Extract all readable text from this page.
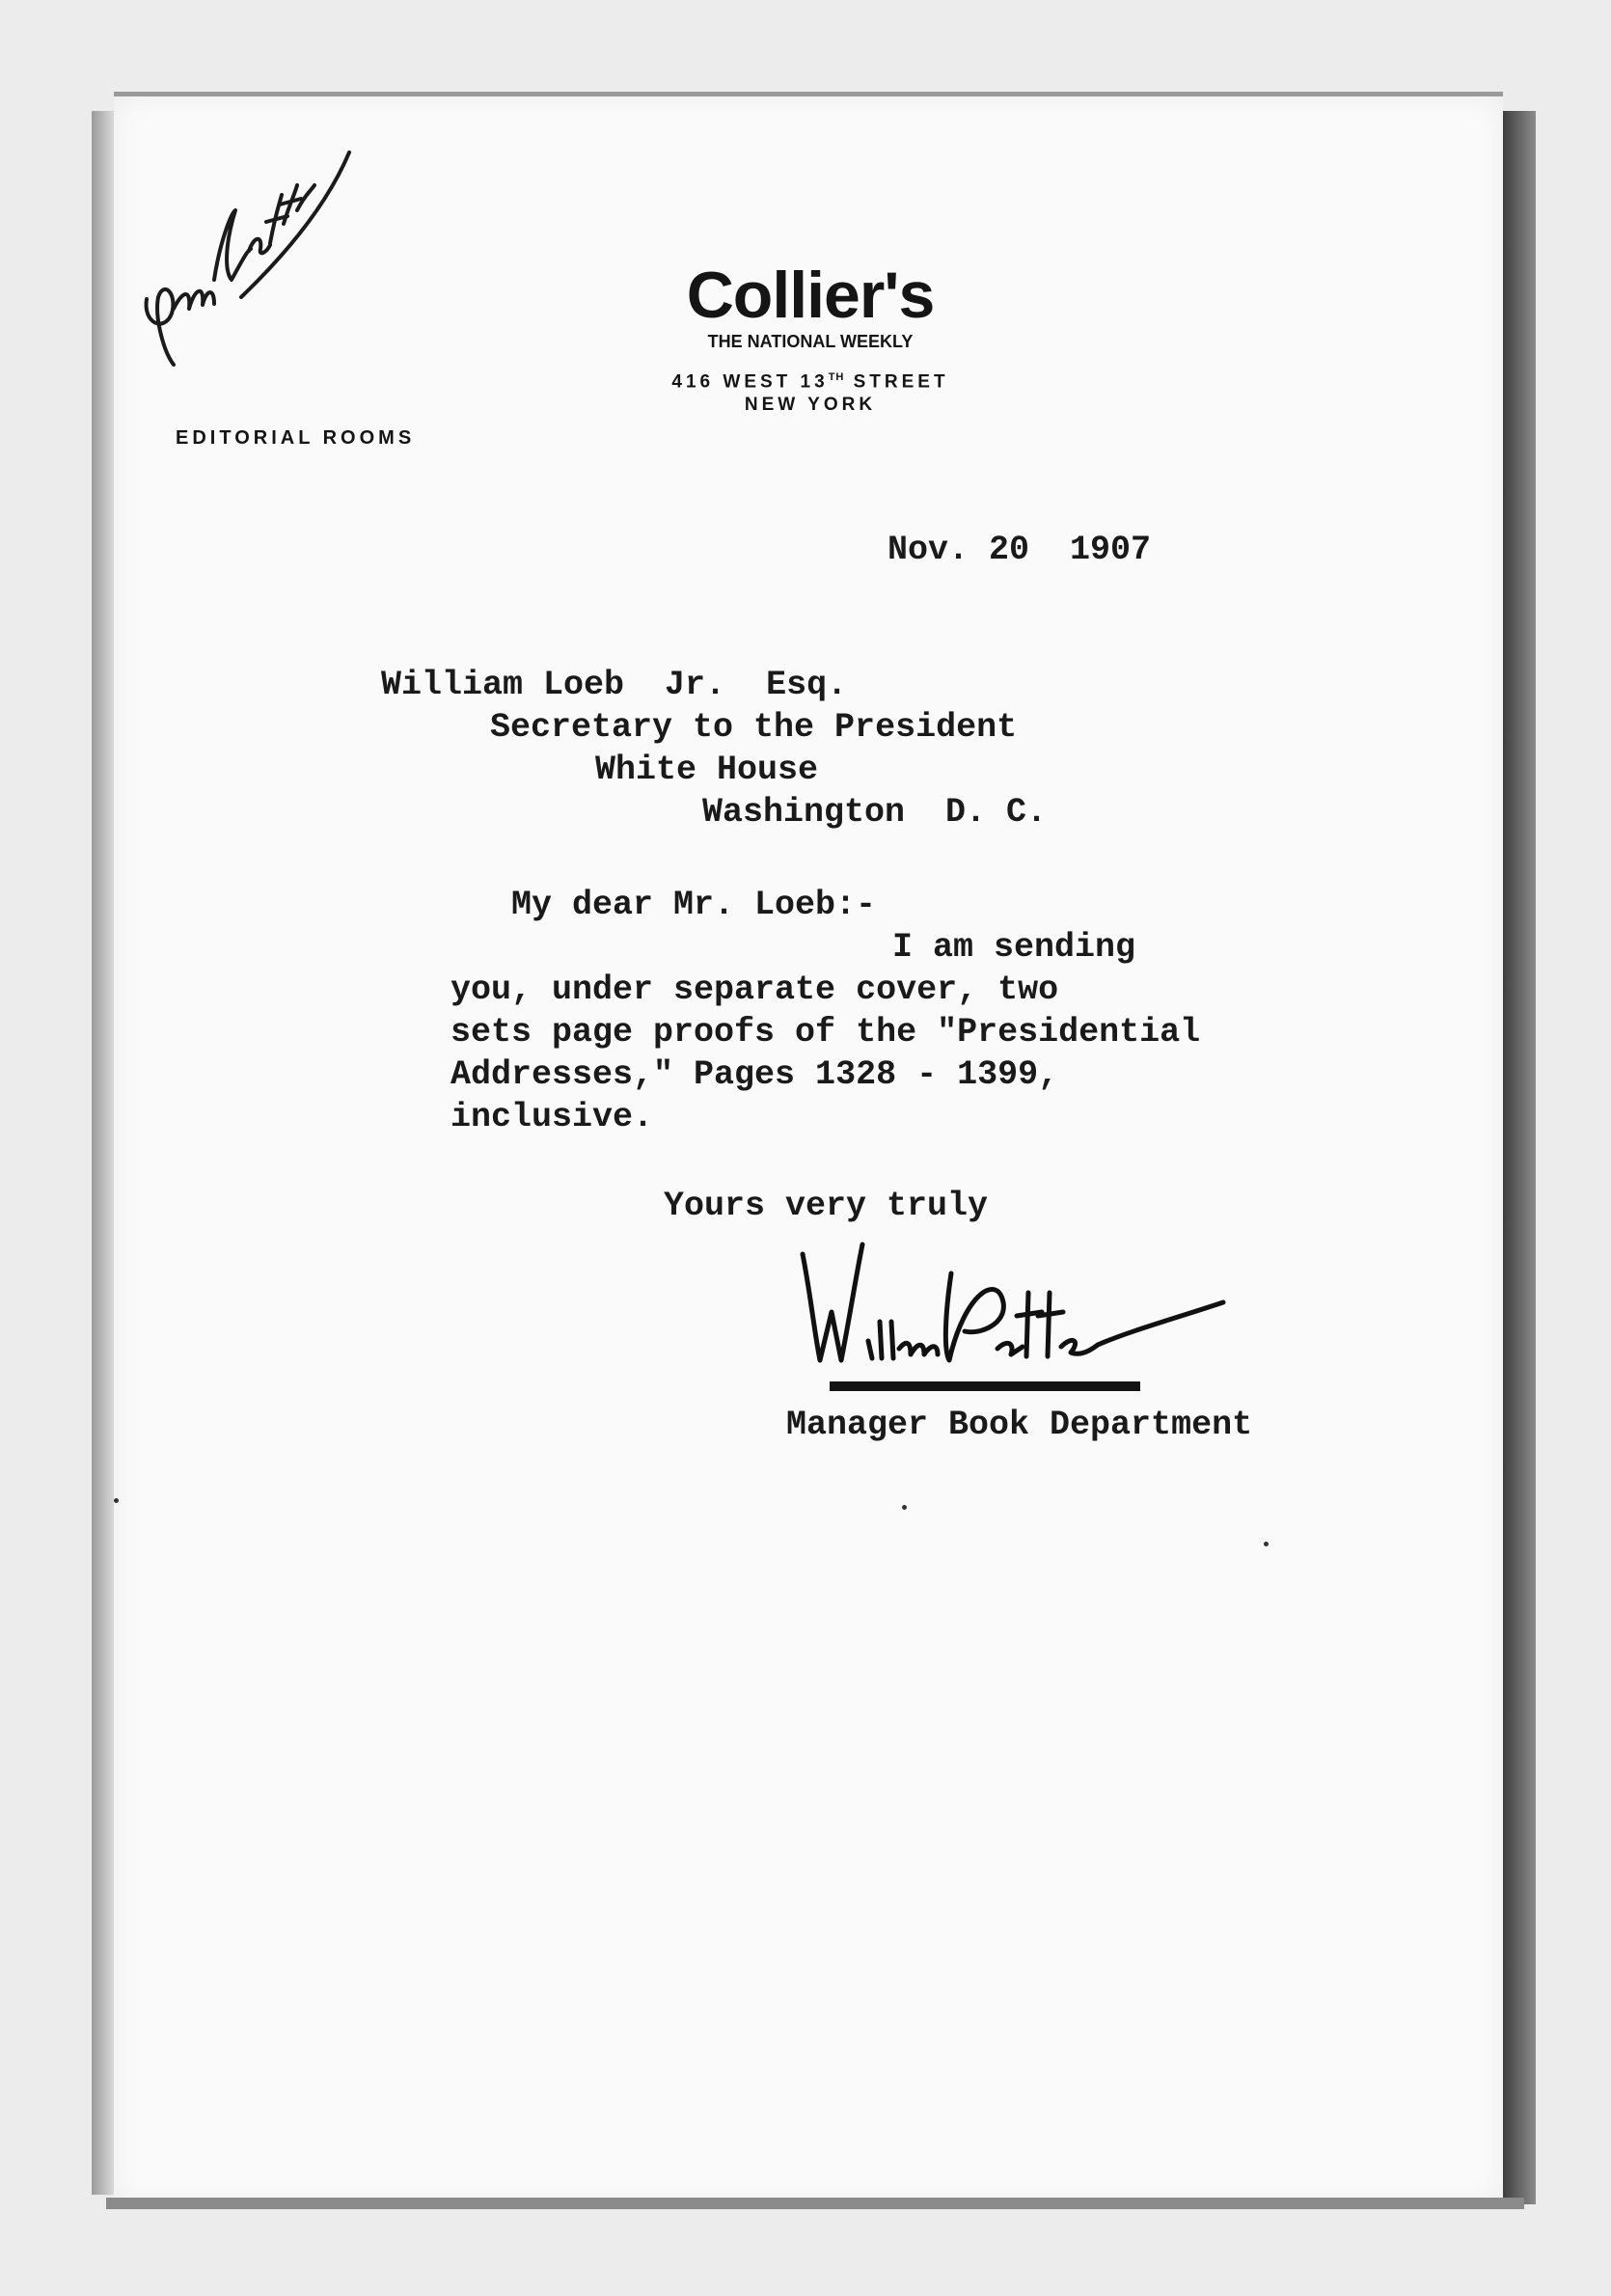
Collier's
THE NATIONAL WEEKLY
416 WEST 13TH STREET
NEW YORK
EDITORIAL ROOMS
Nov. 20  1907
William Loeb  Jr.  Esq.
Secretary to the President
White House
Washington  D. C.
My dear Mr. Loeb:-
I am sending
you, under separate cover, two
sets page proofs of the "Presidential
Addresses," Pages 1328 - 1399,
inclusive.
Yours very truly
Manager Book Department
